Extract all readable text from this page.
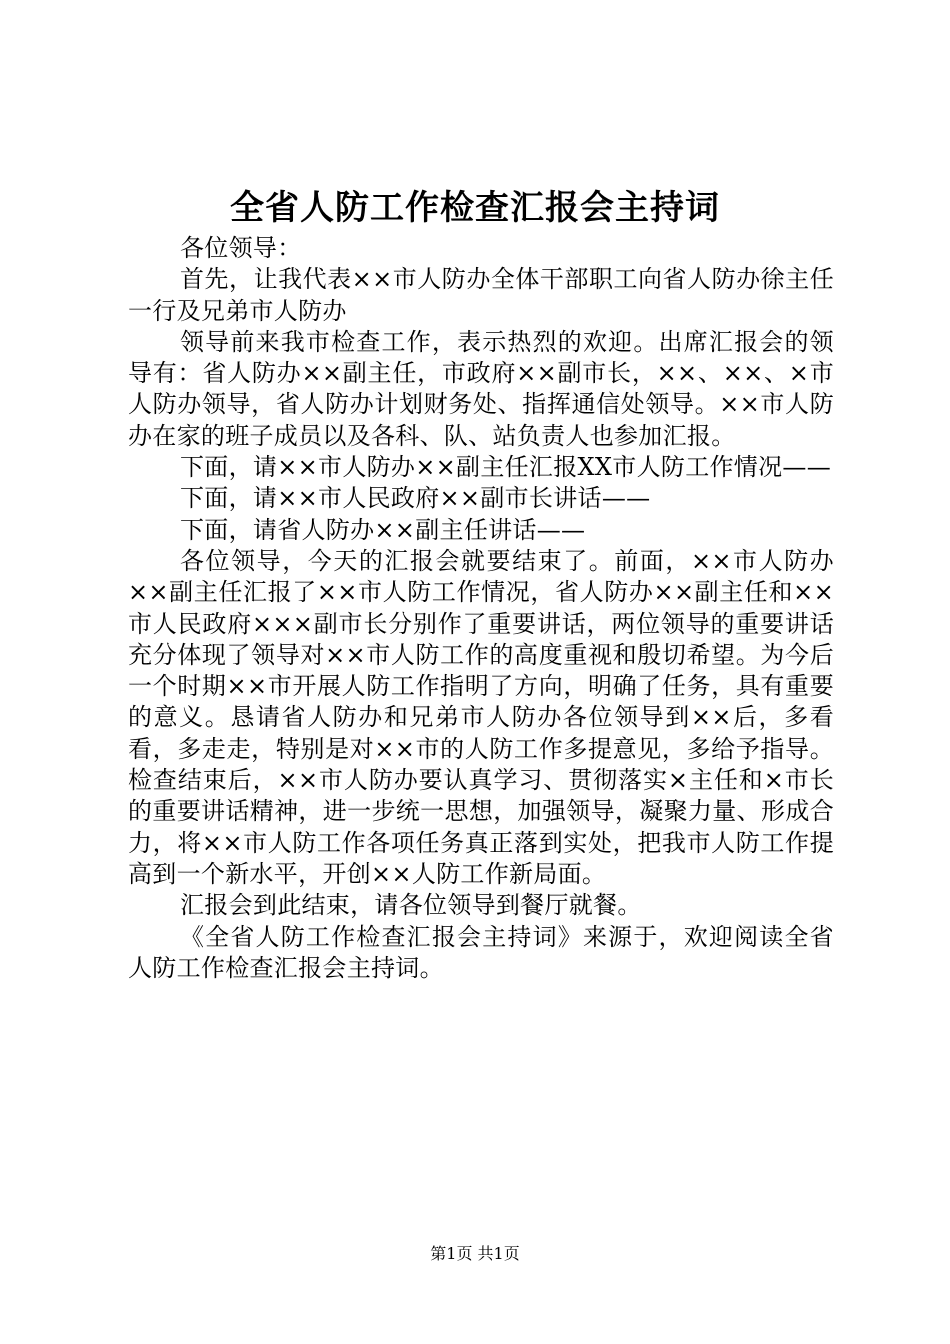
全省人防工作检查汇报会主持词

各位领导：

首先，让我代表××市人防办全体干部职工向省人防办徐主任一行及兄弟市人防办

领导前来我市检查工作，表示热烈的欢迎。出席汇报会的领导有：省人防办××副主任，市政府××副市长，××、××、×市人防办领导，省人防办计划财务处、指挥通信处领导。××市人防办在家的班子成员以及各科、队、站负责人也参加汇报。

下面，请××市人防办××副主任汇报XX市人防工作情况——

下面，请××市人民政府××副市长讲话——

下面，请省人防办××副主任讲话——

各位领导，今天的汇报会就要结束了。前面，××市人防办××副主任汇报了××市人防工作情况，省人防办××副主任和××市人民政府×××副市长分别作了重要讲话，两位领导的重要讲话充分体现了领导对××市人防工作的高度重视和殷切希望。为今后一个时期××市开展人防工作指明了方向，明确了任务，具有重要的意义。恳请省人防办和兄弟市人防办各位领导到××后，多看看，多走走，特别是对××市的人防工作多提意见，多给予指导。检查结束后，××市人防办要认真学习、贯彻落实×主任和×市长的重要讲话精神，进一步统一思想，加强领导，凝聚力量、形成合力，将××市人防工作各项任务真正落到实处，把我市人防工作提高到一个新水平，开创××人防工作新局面。

汇报会到此结束，请各位领导到餐厅就餐。

《全省人防工作检查汇报会主持词》来源于，欢迎阅读全省人防工作检查汇报会主持词。

第1页 共1页
